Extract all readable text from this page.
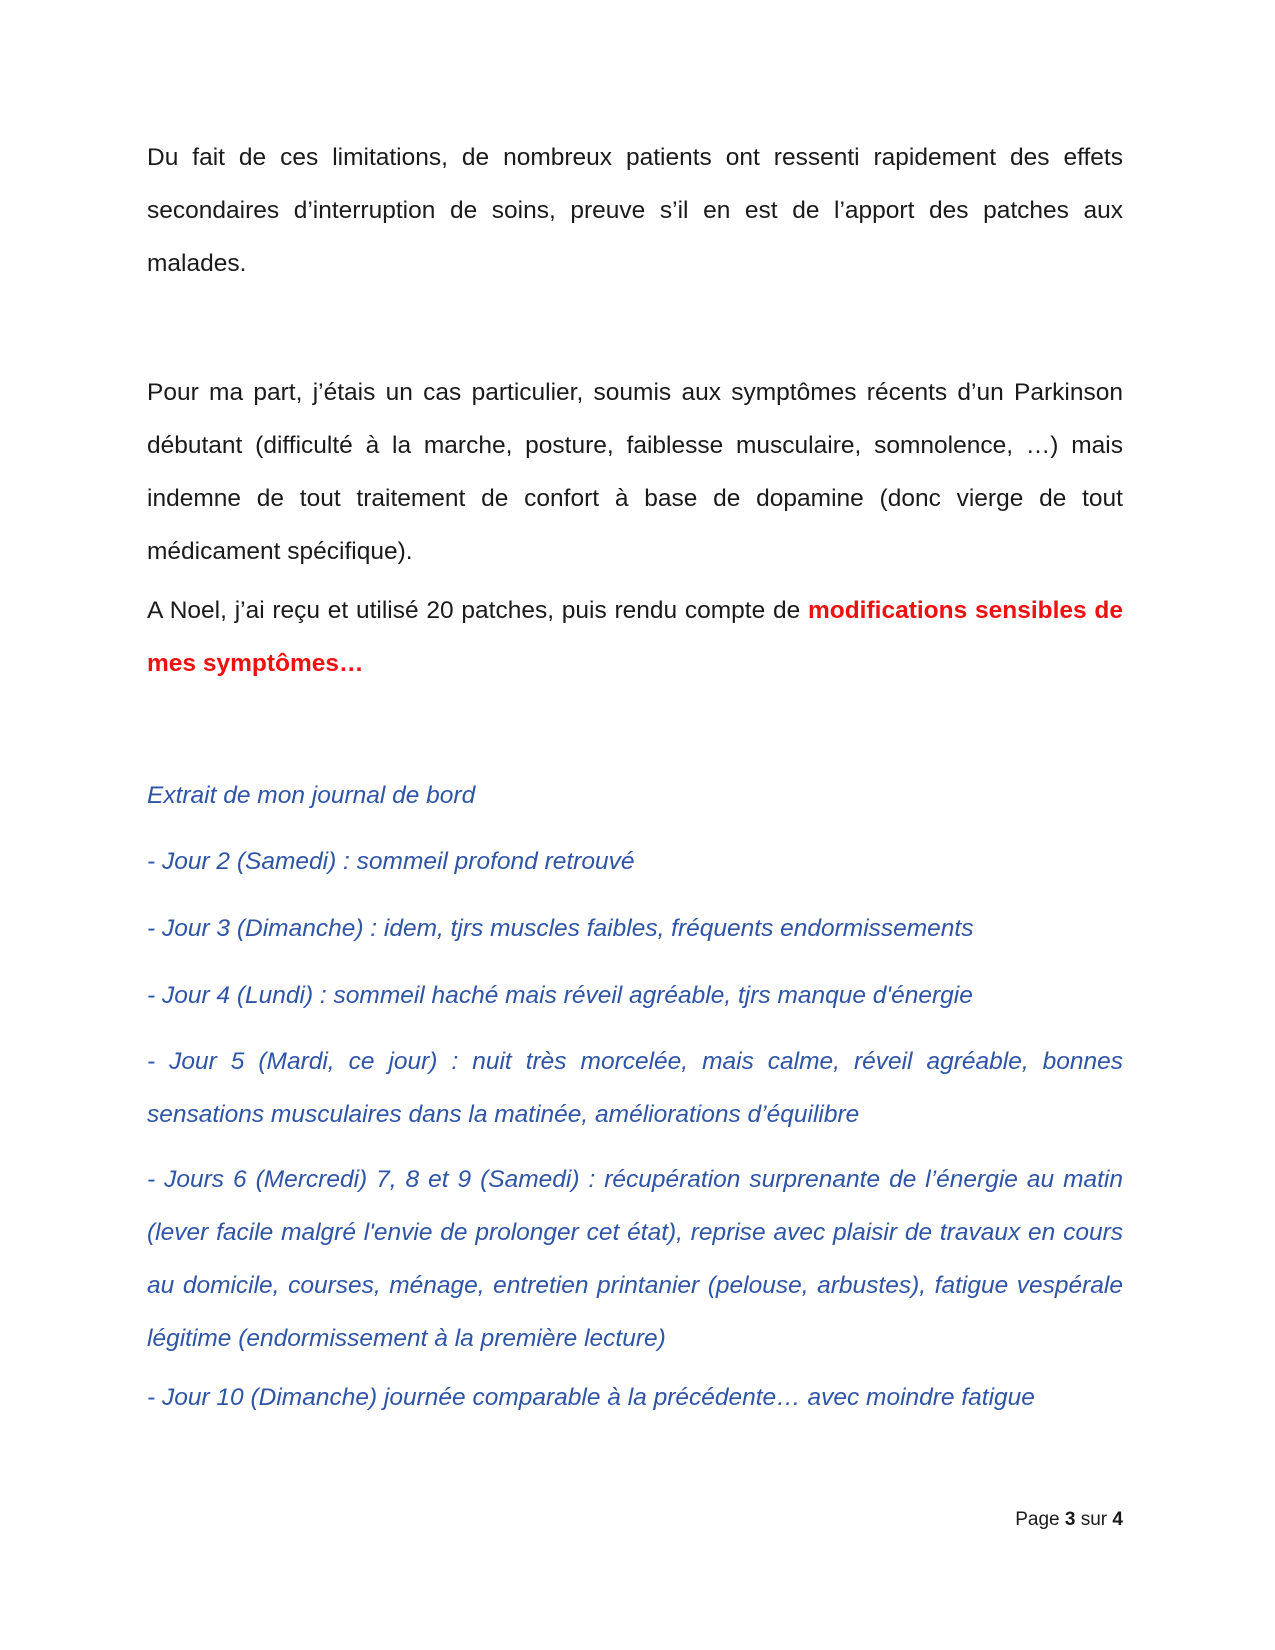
Du fait de ces limitations, de nombreux patients ont ressenti rapidement des effets secondaires d’interruption de soins, preuve s’il en est de l’apport des patches aux malades.

Pour ma part, j’étais un cas particulier, soumis aux symptômes récents d’un Parkinson débutant (difficulté à la marche, posture, faiblesse musculaire, somnolence, …) mais indemne de tout traitement de confort à base de dopamine (donc vierge de tout médicament spécifique).

A Noel, j’ai reçu et utilisé 20 patches, puis rendu compte de modifications sensibles de mes symptômes…

Extrait de mon journal de bord

- Jour 2 (Samedi) : sommeil profond retrouvé

- Jour 3 (Dimanche) : idem, tjrs muscles faibles, fréquents endormissements

- Jour 4 (Lundi) : sommeil haché mais réveil agréable, tjrs manque d'énergie

- Jour 5 (Mardi, ce jour) : nuit très morcelée, mais calme, réveil agréable, bonnes sensations musculaires dans la matinée, améliorations d’équilibre

- Jours 6 (Mercredi) 7, 8 et 9 (Samedi) : récupération surprenante de l’énergie au matin (lever facile malgré l'envie de prolonger cet état), reprise avec plaisir de travaux en cours au domicile, courses, ménage, entretien printanier (pelouse, arbustes), fatigue vespérale légitime (endormissement à la première lecture)

- Jour 10 (Dimanche) journée comparable à la précédente… avec moindre fatigue

Page 3 sur 4
